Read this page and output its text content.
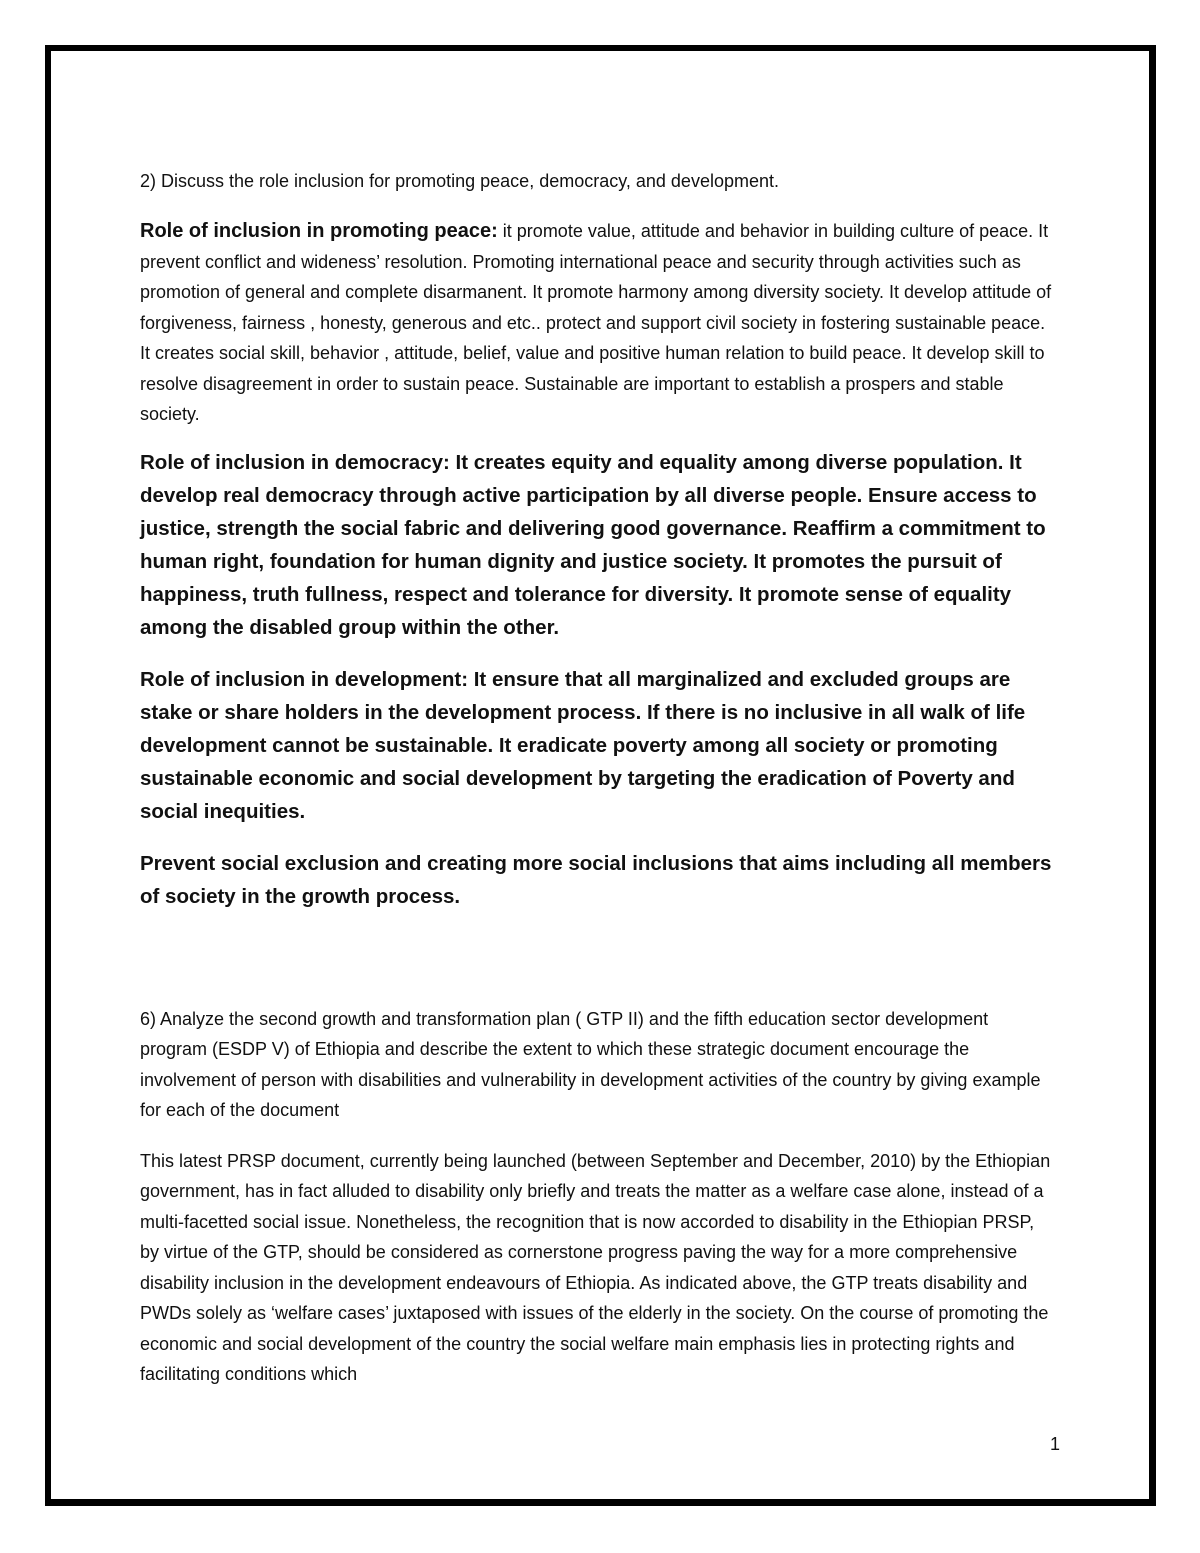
2) Discuss the role inclusion for promoting peace, democracy, and development.

Role of inclusion in promoting peace: it promote value, attitude and behavior in building culture of peace. It prevent conflict and wideness’ resolution. Promoting international peace and security through activities such as promotion of general and complete disarmanent. It promote harmony among diversity society. It develop attitude of forgiveness, fairness , honesty, generous and etc.. protect and support civil society in fostering sustainable peace. It creates social skill, behavior , attitude, belief, value and positive human relation to build peace. It develop skill to resolve disagreement in order to sustain peace. Sustainable are important to establish a prospers and stable society.

Role of inclusion in democracy: It creates equity and equality among diverse population. It develop real democracy through active participation by all diverse people. Ensure access to justice, strength the social fabric and delivering good governance. Reaffirm a commitment to human right, foundation for human dignity and justice society. It promotes the pursuit of happiness, truth fullness, respect and tolerance for diversity. It promote sense of equality among the disabled group within the other.

Role of inclusion in development: It ensure that all marginalized and excluded groups are stake or share holders in the development process. If there is no inclusive in all walk of life development cannot be sustainable. It eradicate poverty among all society or promoting sustainable economic and social development by targeting the eradication of Poverty and social inequities.

Prevent social exclusion and creating more social inclusions that aims including all members of society in the growth process.

6) Analyze the second growth and transformation plan ( GTP II) and the fifth education sector development program (ESDP V) of Ethiopia and describe the extent to which these strategic document encourage the involvement of person with disabilities and vulnerability in development activities of the country by giving example for each of the document

This latest PRSP document, currently being launched (between September and December, 2010) by the Ethiopian government, has in fact alluded to disability only briefly and treats the matter as a welfare case alone, instead of a multi-facetted social issue. Nonetheless, the recognition that is now accorded to disability in the Ethiopian PRSP, by virtue of the GTP, should be considered as cornerstone progress paving the way for a more comprehensive disability inclusion in the development endeavours of Ethiopia. As indicated above, the GTP treats disability and PWDs solely as ‘welfare cases’ juxtaposed with issues of the elderly in the society. On the course of promoting the economic and social development of the country the social welfare main emphasis lies in protecting rights and facilitating conditions which

1
